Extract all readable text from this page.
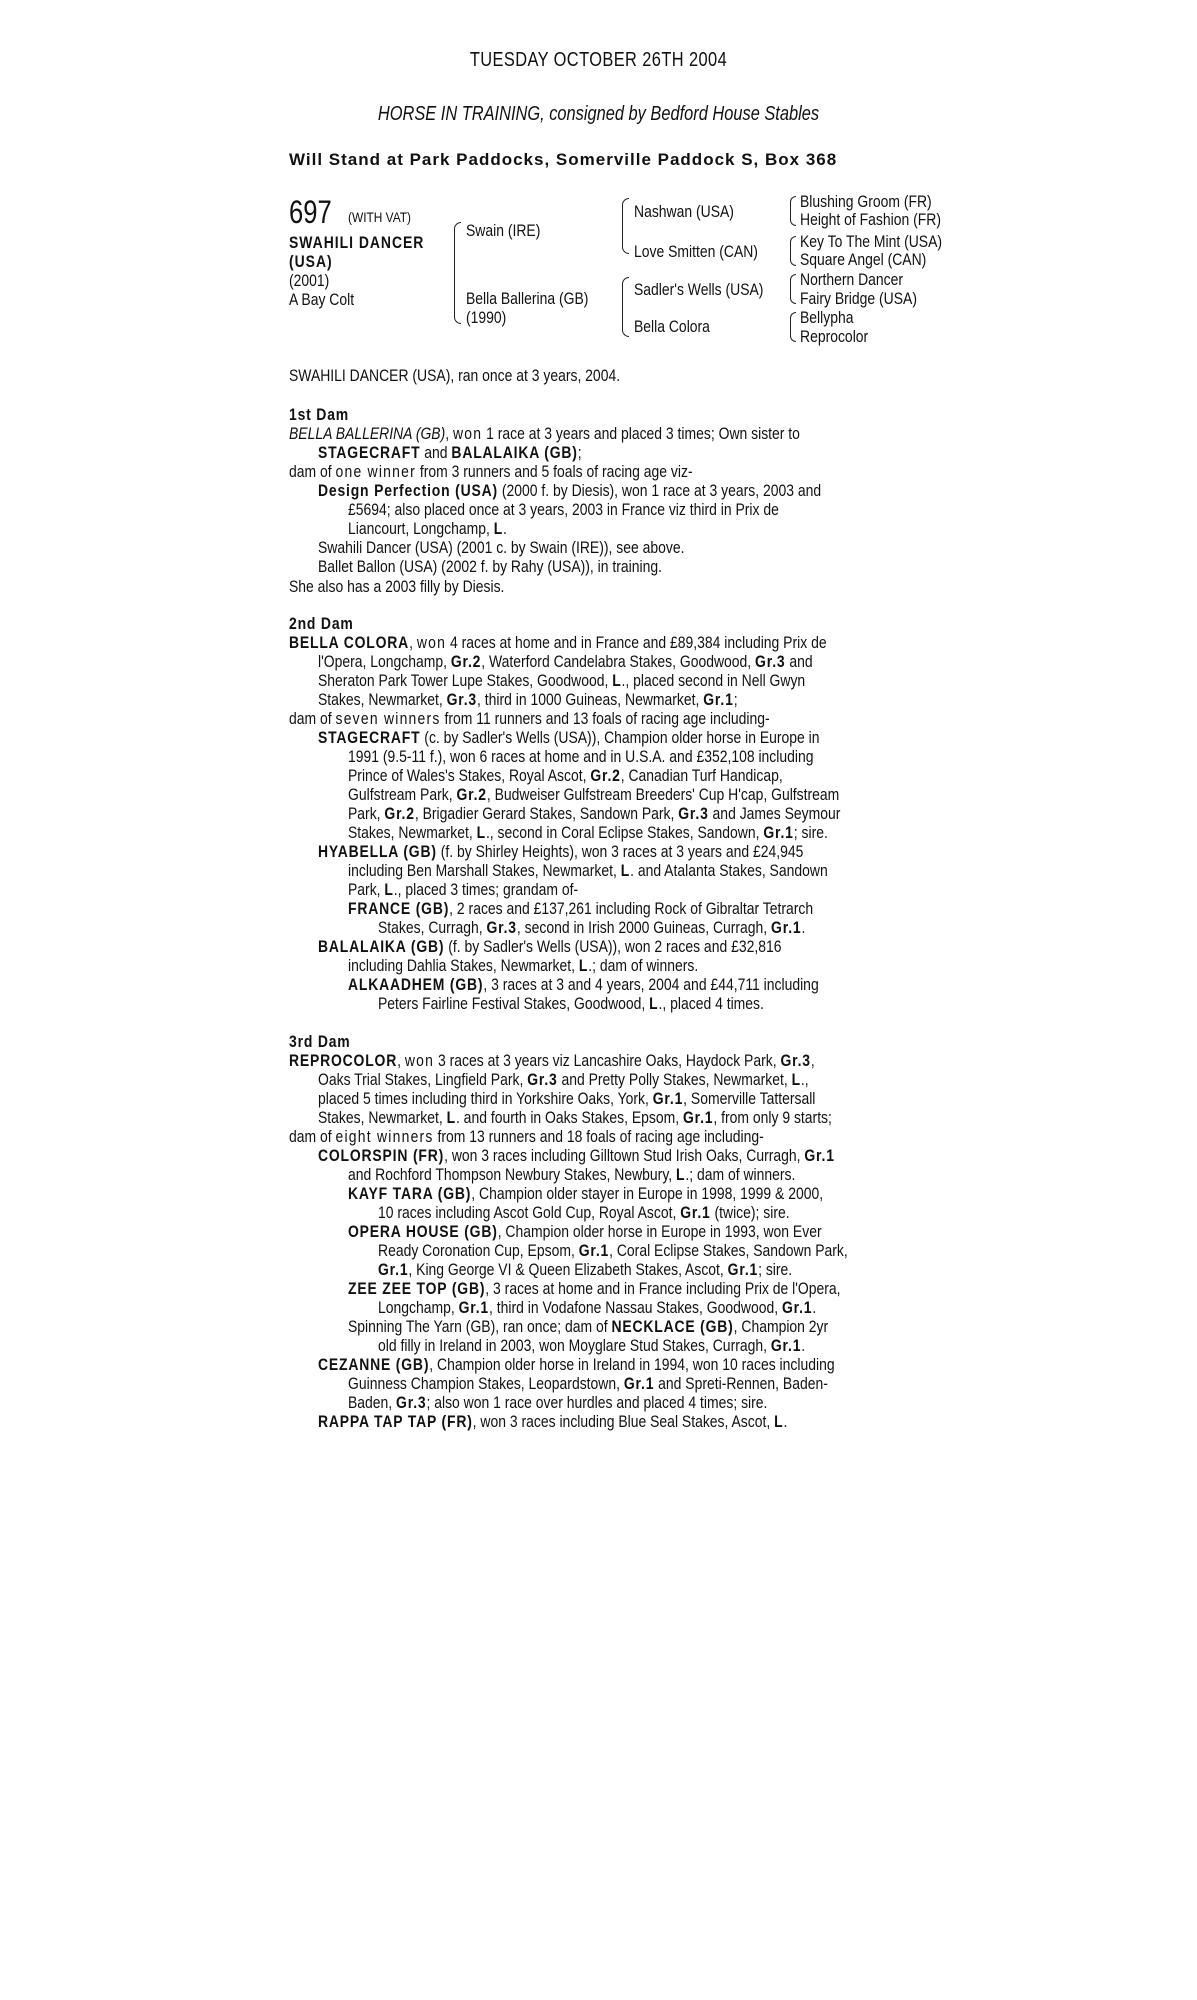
TUESDAY OCTOBER 26TH 2004
HORSE IN TRAINING, consigned by Bedford House Stables
Will Stand at Park Paddocks, Somerville Paddock S, Box 368
697 (WITH VAT)
SWAHILI DANCER
(USA)
(2001)
A Bay Colt
Swain (IRE)
Bella Ballerina (GB)
(1990)
Nashwan (USA)
Love Smitten (CAN)
Sadler's Wells (USA)
Bella Colora
Blushing Groom (FR)
Height of Fashion (FR)
Key To The Mint (USA)
Square Angel (CAN)
Northern Dancer
Fairy Bridge (USA)
Bellypha
Reprocolor
SWAHILI DANCER (USA), ran once at 3 years, 2004.
1st Dam
BELLA BALLERINA (GB), won 1 race at 3 years and placed 3 times; Own sister to
STAGECRAFT and BALALAIKA (GB);
dam of one winner from 3 runners and 5 foals of racing age viz-
Design Perfection (USA) (2000 f. by Diesis), won 1 race at 3 years, 2003 and
£5694; also placed once at 3 years, 2003 in France viz third in Prix de
Liancourt, Longchamp, L.
Swahili Dancer (USA) (2001 c. by Swain (IRE)), see above.
Ballet Ballon (USA) (2002 f. by Rahy (USA)), in training.
She also has a 2003 filly by Diesis.
2nd Dam
BELLA COLORA, won 4 races at home and in France and £89,384 including Prix de
l'Opera, Longchamp, Gr.2, Waterford Candelabra Stakes, Goodwood, Gr.3 and
Sheraton Park Tower Lupe Stakes, Goodwood, L., placed second in Nell Gwyn
Stakes, Newmarket, Gr.3, third in 1000 Guineas, Newmarket, Gr.1;
dam of seven winners from 11 runners and 13 foals of racing age including-
STAGECRAFT (c. by Sadler's Wells (USA)), Champion older horse in Europe in
1991 (9.5-11 f.), won 6 races at home and in U.S.A. and £352,108 including
Prince of Wales's Stakes, Royal Ascot, Gr.2, Canadian Turf Handicap,
Gulfstream Park, Gr.2, Budweiser Gulfstream Breeders' Cup H'cap, Gulfstream
Park, Gr.2, Brigadier Gerard Stakes, Sandown Park, Gr.3 and James Seymour
Stakes, Newmarket, L., second in Coral Eclipse Stakes, Sandown, Gr.1; sire.
HYABELLA (GB) (f. by Shirley Heights), won 3 races at 3 years and £24,945
including Ben Marshall Stakes, Newmarket, L. and Atalanta Stakes, Sandown
Park, L., placed 3 times; grandam of-
FRANCE (GB), 2 races and £137,261 including Rock of Gibraltar Tetrarch
Stakes, Curragh, Gr.3, second in Irish 2000 Guineas, Curragh, Gr.1.
BALALAIKA (GB) (f. by Sadler's Wells (USA)), won 2 races and £32,816
including Dahlia Stakes, Newmarket, L.; dam of winners.
ALKAADHEM (GB), 3 races at 3 and 4 years, 2004 and £44,711 including
Peters Fairline Festival Stakes, Goodwood, L., placed 4 times.
3rd Dam
REPROCOLOR, won 3 races at 3 years viz Lancashire Oaks, Haydock Park, Gr.3,
Oaks Trial Stakes, Lingfield Park, Gr.3 and Pretty Polly Stakes, Newmarket, L.,
placed 5 times including third in Yorkshire Oaks, York, Gr.1, Somerville Tattersall
Stakes, Newmarket, L. and fourth in Oaks Stakes, Epsom, Gr.1, from only 9 starts;
dam of eight winners from 13 runners and 18 foals of racing age including-
COLORSPIN (FR), won 3 races including Gilltown Stud Irish Oaks, Curragh, Gr.1
and Rochford Thompson Newbury Stakes, Newbury, L.; dam of winners.
KAYF TARA (GB), Champion older stayer in Europe in 1998, 1999 & 2000,
10 races including Ascot Gold Cup, Royal Ascot, Gr.1 (twice); sire.
OPERA HOUSE (GB), Champion older horse in Europe in 1993, won Ever
Ready Coronation Cup, Epsom, Gr.1, Coral Eclipse Stakes, Sandown Park,
Gr.1, King George VI & Queen Elizabeth Stakes, Ascot, Gr.1; sire.
ZEE ZEE TOP (GB), 3 races at home and in France including Prix de l'Opera,
Longchamp, Gr.1, third in Vodafone Nassau Stakes, Goodwood, Gr.1.
Spinning The Yarn (GB), ran once; dam of NECKLACE (GB), Champion 2yr
old filly in Ireland in 2003, won Moyglare Stud Stakes, Curragh, Gr.1.
CEZANNE (GB), Champion older horse in Ireland in 1994, won 10 races including
Guinness Champion Stakes, Leopardstown, Gr.1 and Spreti-Rennen, Baden-
Baden, Gr.3; also won 1 race over hurdles and placed 4 times; sire.
RAPPA TAP TAP (FR), won 3 races including Blue Seal Stakes, Ascot, L.
